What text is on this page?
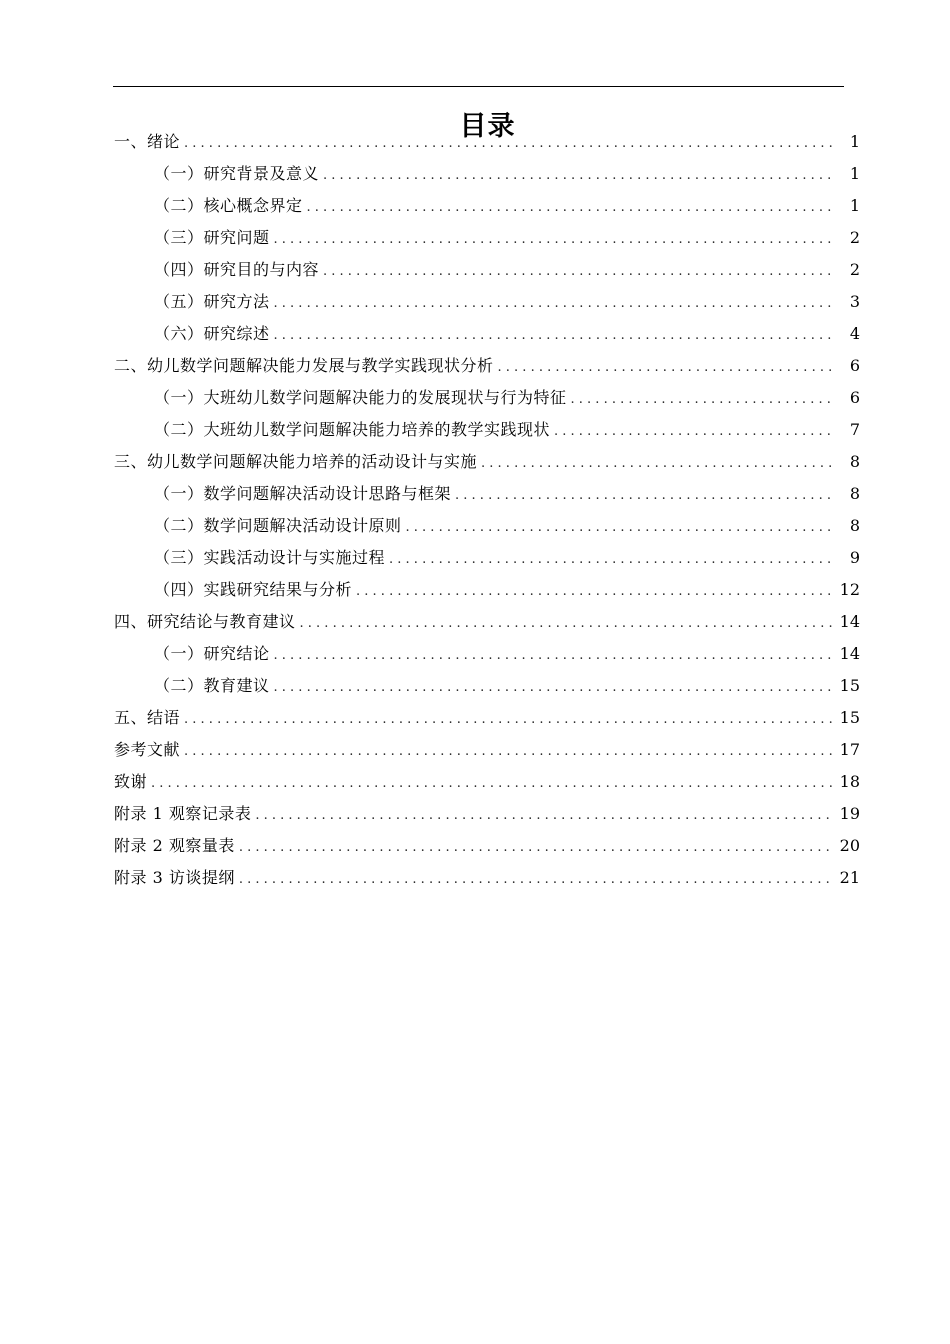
目录
一、绪论 . . .	1
（一）研究背景及意义 . . .	1
（二）核心概念界定 . . .	1
（三）研究问题 . . .	2
（四）研究目的与内容 . . .	2
（五）研究方法 . . .	3
（六）研究综述 . . .	4
二、幼儿数学问题解决能力发展与教学实践现状分析 . . .	6
（一）大班幼儿数学问题解决能力的发展现状与行为特征 . . .	6
（二）大班幼儿数学问题解决能力培养的教学实践现状 . . .	7
三、幼儿数学问题解决能力培养的活动设计与实施 . . .	8
（一）数学问题解决活动设计思路与框架 . . .	8
（二）数学问题解决活动设计原则 . . .	8
（三）实践活动设计与实施过程 . . .	9
（四）实践研究结果与分析 . . .	12
四、研究结论与教育建议 . . .	14
（一）研究结论 . . .	14
（二）教育建议 . . .	15
五、结语 . . .	15
参考文献 . . .	17
致谢 . . .	18
附录 1 观察记录表 . . .	19
附录 2 观察量表 . . .	20
附录 3 访谈提纲 . . .	21
